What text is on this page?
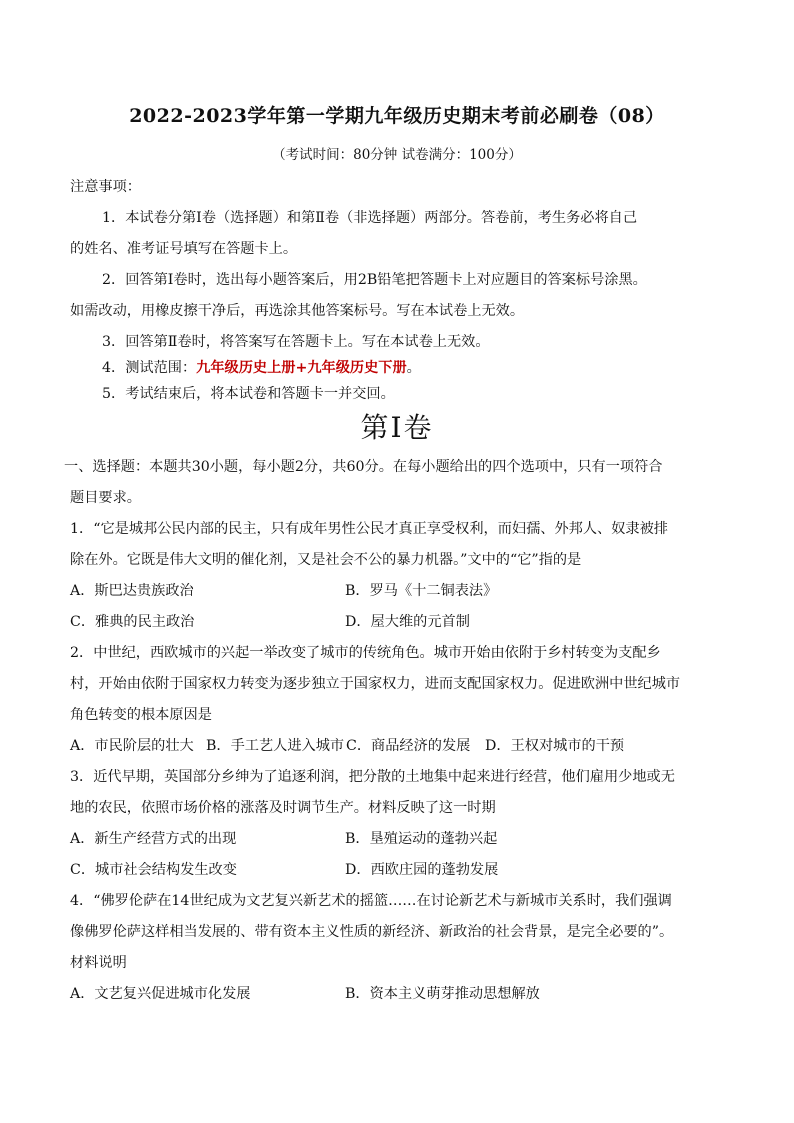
2022-2023学年第一学期九年级历史期末考前必刷卷（08）
（考试时间：80分钟 试卷满分：100分）
注意事项：
1．本试卷分第Ⅰ卷（选择题）和第Ⅱ卷（非选择题）两部分。答卷前，考生务必将自己
的姓名、准考证号填写在答题卡上。
2．回答第Ⅰ卷时，选出每小题答案后，用2B铅笔把答题卡上对应题目的答案标号涂黑。
如需改动，用橡皮擦干净后，再选涂其他答案标号。写在本试卷上无效。
3．回答第Ⅱ卷时，将答案写在答题卡上。写在本试卷上无效。
4．测试范围：九年级历史上册+九年级历史下册。
5．考试结束后，将本试卷和答题卡一并交回。
第Ⅰ卷
一、选择题：本题共30小题，每小题2分，共60分。在每小题给出的四个选项中，只有一项符合
题目要求。
1．“它是城邦公民内部的民主，只有成年男性公民才真正享受权利，而妇孺、外邦人、奴隶被排
除在外。它既是伟大文明的催化剂，又是社会不公的暴力机器。”文中的“它”指的是
A．斯巴达贵族政治	B．罗马《十二铜表法》
C．雅典的民主政治	D．屋大维的元首制
2．中世纪，西欧城市的兴起一举改变了城市的传统角色。城市开始由依附于乡村转变为支配乡
村，开始由依附于国家权力转变为逐步独立于国家权力，进而支配国家权力。促进欧洲中世纪城市
角色转变的根本原因是
A．市民阶层的壮大 B．手工艺人进入城市 C．商品经济的发展 D．王权对城市的干预
3．近代早期，英国部分乡绅为了追逐利润，把分散的土地集中起来进行经营，他们雇用少地或无
地的农民，依照市场价格的涨落及时调节生产。材料反映了这一时期
A．新生产经营方式的出现	B．垦殖运动的蓬勃兴起
C．城市社会结构发生改变	D．西欧庄园的蓬勃发展
4．“佛罗伦萨在14世纪成为文艺复兴新艺术的摇篮……在讨论新艺术与新城市关系时，我们强调
像佛罗伦萨这样相当发展的、带有资本主义性质的新经济、新政治的社会背景，是完全必要的”。
材料说明
A．文艺复兴促进城市化发展	B．资本主义萌芽推动思想解放
